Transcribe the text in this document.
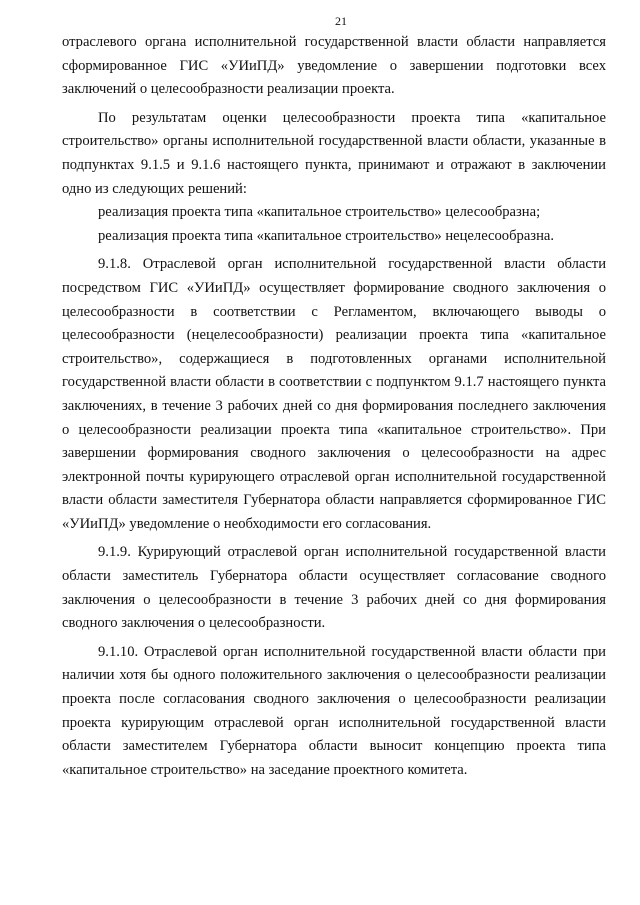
21

отраслевого органа исполнительной государственной власти области направляется сформированное ГИС «УИиПД» уведомление о завершении подготовки всех заключений о целесообразности реализации проекта.

По результатам оценки целесообразности проекта типа «капитальное строительство» органы исполнительной государственной власти области, указанные в подпунктах 9.1.5 и 9.1.6 настоящего пункта, принимают и отражают в заключении одно из следующих решений:

реализация проекта типа «капитальное строительство» целесообразна;

реализация проекта типа «капитальное строительство» нецелесообразна.

9.1.8. Отраслевой орган исполнительной государственной власти области посредством ГИС «УИиПД» осуществляет формирование сводного заключения о целесообразности в соответствии с Регламентом, включающего выводы о целесообразности (нецелесообразности) реализации проекта типа «капитальное строительство», содержащиеся в подготовленных органами исполнительной государственной власти области в соответствии с подпунктом 9.1.7 настоящего пункта заключениях, в течение 3 рабочих дней со дня формирования последнего заключения о целесообразности реализации проекта типа «капитальное строительство». При завершении формирования сводного заключения о целесообразности на адрес электронной почты курирующего отраслевой орган исполнительной государственной власти области заместителя Губернатора области направляется сформированное ГИС «УИиПД» уведомление о необходимости его согласования.

9.1.9. Курирующий отраслевой орган исполнительной государственной власти области заместитель Губернатора области осуществляет согласование сводного заключения о целесообразности в течение 3 рабочих дней со дня формирования сводного заключения о целесообразности.

9.1.10. Отраслевой орган исполнительной государственной власти области при наличии хотя бы одного положительного заключения о целесообразности реализации проекта после согласования сводного заключения о целесообразности реализации проекта курирующим отраслевой орган исполнительной государственной власти области заместителем Губернатора области выносит концепцию проекта типа «капитальное строительство» на заседание проектного комитета.
